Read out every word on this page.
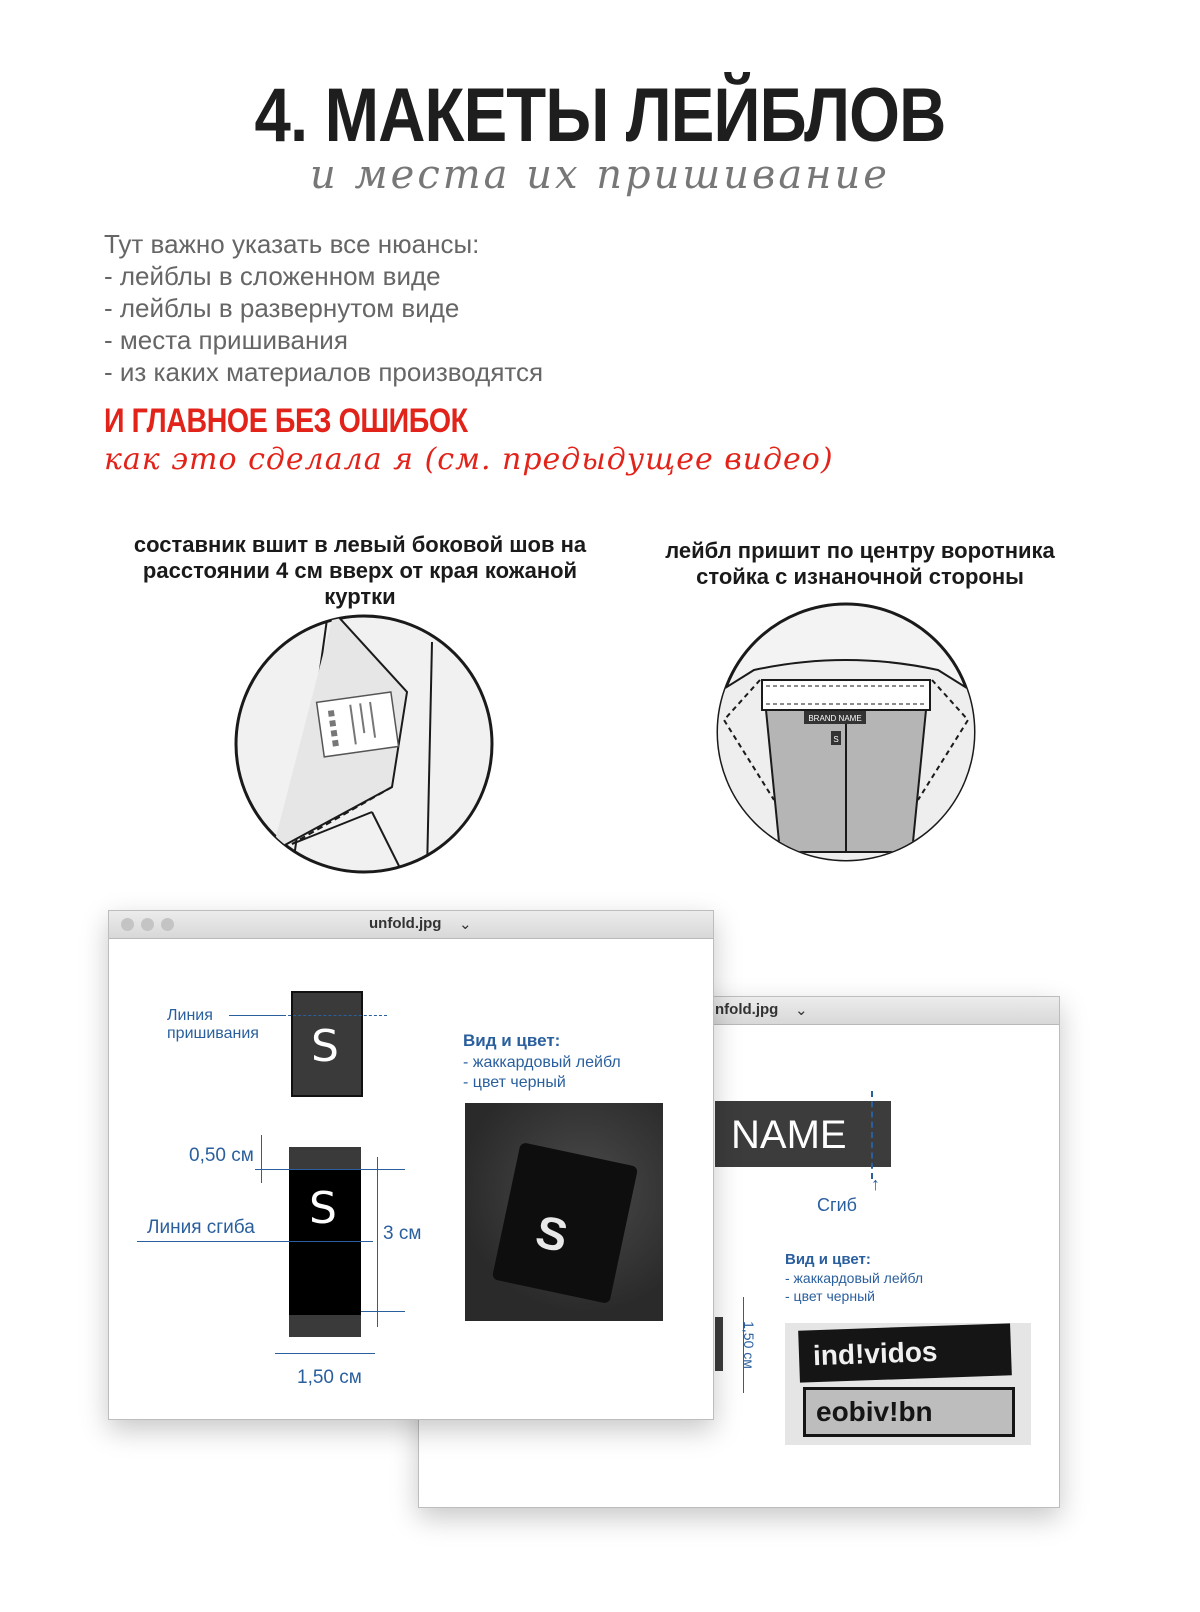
4. МАКЕТЫ ЛЕЙБЛОВ
и места их пришивание
Тут важно указать все нюансы:
- лейблы в сложенном виде
- лейблы в развернутом виде
- места пришивания
- из каких материалов производятся
И ГЛАВНОЕ БЕЗ ОШИБОК
как это сделала я (см. предыдущее видео)
составник вшит в левый боковой шов на расстоянии 4 см вверх от края кожаной куртки
лейбл пришит по центру воротника стойка с изнаночной стороны
BRAND NAME
S
nfold.jpg ⌄
NAME
↑
Сгиб
Вид и цвет:
- жаккардовый лейбл
- цвет черный
1,50 см ind!vidos
eobiv!bn
unfold.jpg ⌄
Линия пришивания	S
S
0,50 см
Линия сгиба	3 см
1,50 см
Вид и цвет:
- жаккардовый лейбл
- цвет черный
S
